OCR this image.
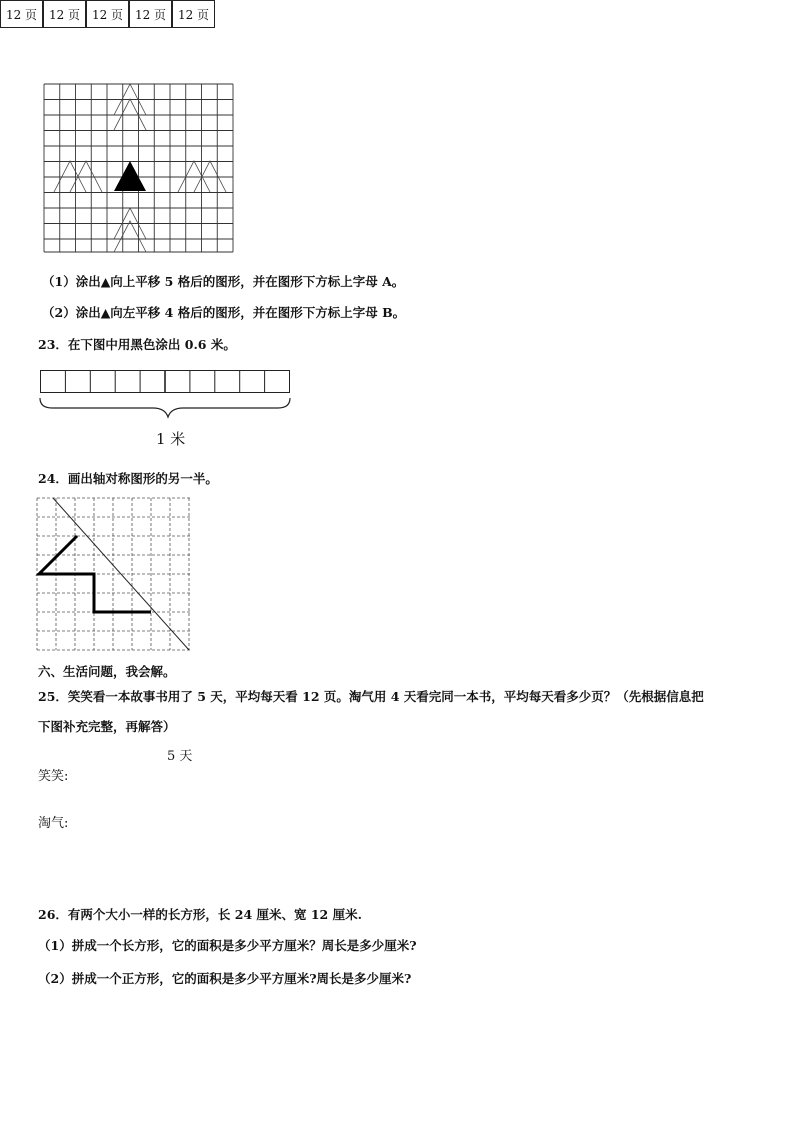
（1）涂出▲向上平移 5 格后的图形，并在图形下方标上字母 A。
（2）涂出▲向左平移 4 格后的图形，并在图形下方标上字母 B。
23．在下图中用黑色涂出 0.6 米。
1 米
24．画出轴对称图形的另一半。
六、生活问题，我会解。
25．笑笑看一本故事书用了 5 天，平均每天看 12 页。淘气用 4 天看完同一本书，平均每天看多少页？（先根据信息把
下图补充完整，再解答）
5 天
笑笑:
12 页 12 页 12 页 12 页 12 页
淘气:
26．有两个大小一样的长方形，长 24 厘米、宽 12 厘米.
（1）拼成一个长方形，它的面积是多少平方厘米？周长是多少厘米?
（2）拼成一个正方形，它的面积是多少平方厘米?周长是多少厘米?
